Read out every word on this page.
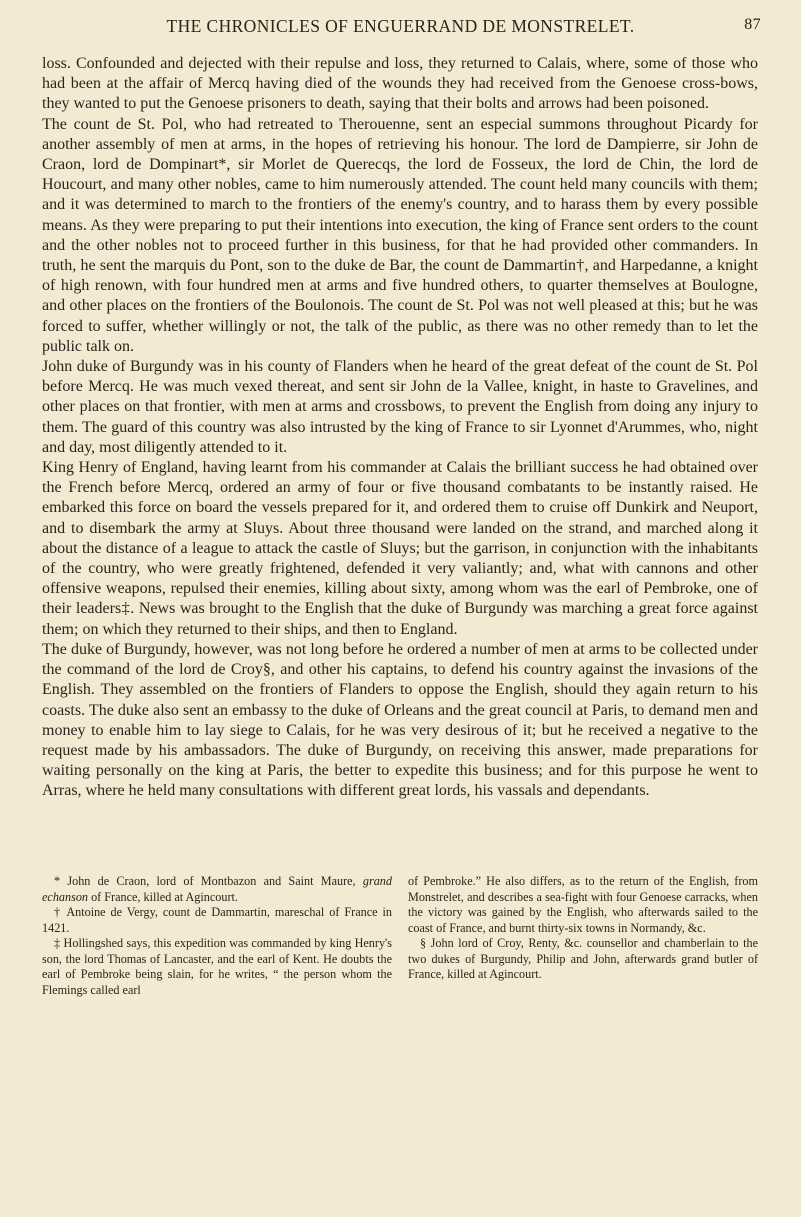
THE CHRONICLES OF ENGUERRAND DE MONSTRELET.	87

loss. Confounded and dejected with their repulse and loss, they returned to Calais, where, some of those who had been at the affair of Mercq having died of the wounds they had received from the Genoese cross-bows, they wanted to put the Genoese prisoners to death, saying that their bolts and arrows had been poisoned.

The count de St. Pol, who had retreated to Therouenne, sent an especial summons throughout Picardy for another assembly of men at arms, in the hopes of retrieving his honour. The lord de Dampierre, sir John de Craon, lord de Dompinart*, sir Morlet de Querecqs, the lord de Fosseux, the lord de Chin, the lord de Houcourt, and many other nobles, came to him numerously attended. The count held many councils with them; and it was determined to march to the frontiers of the enemy's country, and to harass them by every possible means. As they were preparing to put their intentions into execution, the king of France sent orders to the count and the other nobles not to proceed further in this business, for that he had provided other commanders. In truth, he sent the marquis du Pont, son to the duke de Bar, the count de Dammartin†, and Harpedanne, a knight of high renown, with four hundred men at arms and five hundred others, to quarter themselves at Boulogne, and other places on the frontiers of the Boulonois. The count de St. Pol was not well pleased at this; but he was forced to suffer, whether willingly or not, the talk of the public, as there was no other remedy than to let the public talk on.

John duke of Burgundy was in his county of Flanders when he heard of the great defeat of the count de St. Pol before Mercq. He was much vexed thereat, and sent sir John de la Vallee, knight, in haste to Gravelines, and other places on that frontier, with men at arms and crossbows, to prevent the English from doing any injury to them. The guard of this country was also intrusted by the king of France to sir Lyonnet d'Arummes, who, night and day, most diligently attended to it.

King Henry of England, having learnt from his commander at Calais the brilliant success he had obtained over the French before Mercq, ordered an army of four or five thousand combatants to be instantly raised. He embarked this force on board the vessels prepared for it, and ordered them to cruise off Dunkirk and Neuport, and to disembark the army at Sluys. About three thousand were landed on the strand, and marched along it about the distance of a league to attack the castle of Sluys; but the garrison, in conjunction with the inhabitants of the country, who were greatly frightened, defended it very valiantly; and, what with cannons and other offensive weapons, repulsed their enemies, killing about sixty, among whom was the earl of Pembroke, one of their leaders‡. News was brought to the English that the duke of Burgundy was marching a great force against them; on which they returned to their ships, and then to England.

The duke of Burgundy, however, was not long before he ordered a number of men at arms to be collected under the command of the lord de Croy§, and other his captains, to defend his country against the invasions of the English. They assembled on the frontiers of Flanders to oppose the English, should they again return to his coasts. The duke also sent an embassy to the duke of Orleans and the great council at Paris, to demand men and money to enable him to lay siege to Calais, for he was very desirous of it; but he received a negative to the request made by his ambassadors. The duke of Burgundy, on receiving this answer, made preparations for waiting personally on the king at Paris, the better to expedite this business; and for this purpose he went to Arras, where he held many consultations with different great lords, his vassals and dependants.

* John de Craon, lord of Montbazon and Saint Maure, grand echanson of France, killed at Agincourt.

† Antoine de Vergy, count de Dammartin, mareschal of France in 1421.

‡ Hollingshed says, this expedition was commanded by king Henry's son, the lord Thomas of Lancaster, and the earl of Kent. He doubts the earl of Pembroke being slain, for he writes, “ the person whom the Flemings called earl

of Pembroke.” He also differs, as to the return of the English, from Monstrelet, and describes a sea-fight with four Genoese carracks, when the victory was gained by the English, who afterwards sailed to the coast of France, and burnt thirty-six towns in Normandy, &c.

§ John lord of Croy, Renty, &c. counsellor and chamberlain to the two dukes of Burgundy, Philip and John, afterwards grand butler of France, killed at Agincourt.
